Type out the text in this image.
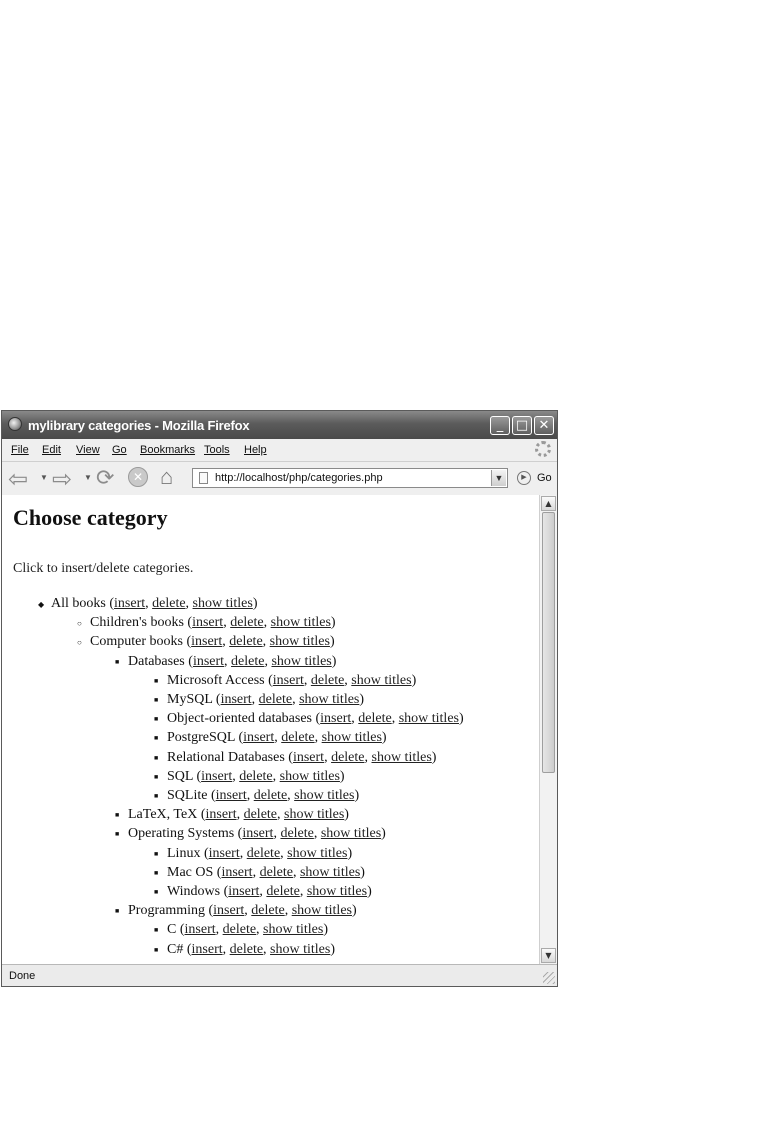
mylibrary categories - Mozilla Firefox	_ □ ✕
File Edit View Go Bookmarks Tools Help
⇦ ▼ ⇨ ▼ ⟳	✕ ⌂	http://localhost/php/categories.php	▼	▶ Go
Choose category
Click to insert/delete categories.
◆ All books (insert, delete, show titles)
○ Children's books (insert, delete, show titles)
○ Computer books (insert, delete, show titles)
■ Databases (insert, delete, show titles)
■ Microsoft Access (insert, delete, show titles)
■ MySQL (insert, delete, show titles)
■ Object-oriented databases (insert, delete, show titles)
■ PostgreSQL (insert, delete, show titles)
■ Relational Databases (insert, delete, show titles)
■ SQL (insert, delete, show titles)
■ SQLite (insert, delete, show titles)
■ LaTeX, TeX (insert, delete, show titles)
■ Operating Systems (insert, delete, show titles)
■ Linux (insert, delete, show titles)
■ Mac OS (insert, delete, show titles)
■ Windows (insert, delete, show titles)
■ Programming (insert, delete, show titles)
■ C (insert, delete, show titles)
■ C# (insert, delete, show titles)
▲
▼
Done
